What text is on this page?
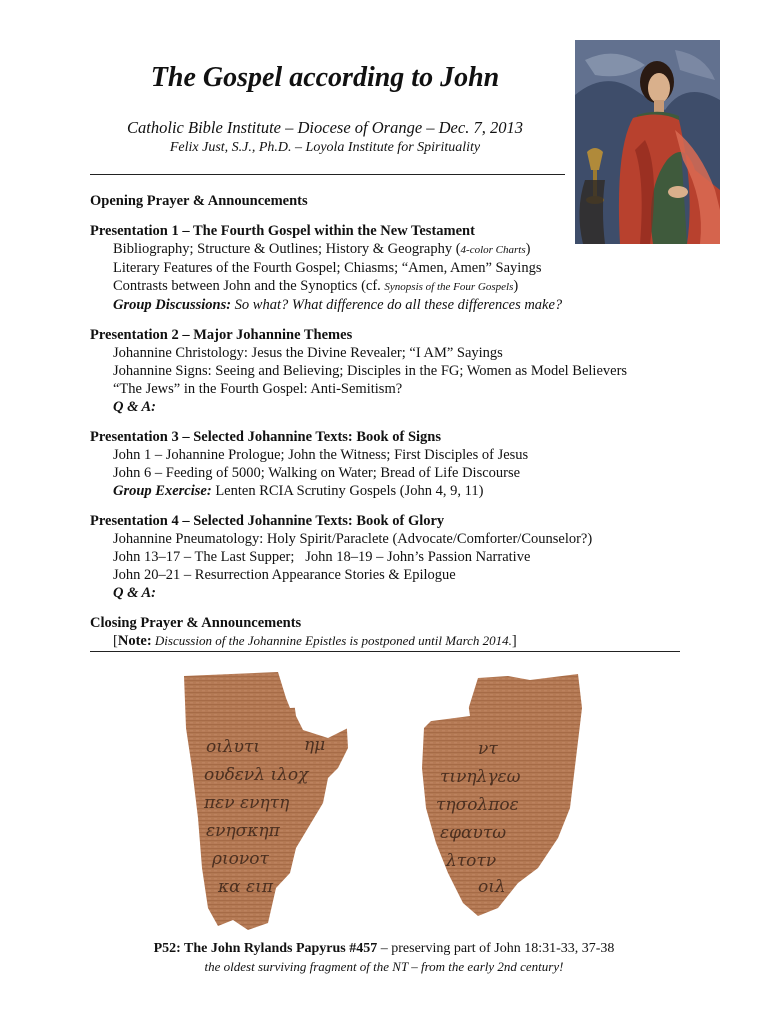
The Gospel according to John
Catholic Bible Institute – Diocese of Orange – Dec. 7, 2013
Felix Just, S.J., Ph.D. – Loyola Institute for Spirituality
Opening Prayer & Announcements
Presentation 1 – The Fourth Gospel within the New Testament
Bibliography; Structure & Outlines; History & Geography (4-color Charts)
Literary Features of the Fourth Gospel; Chiasms; “Amen, Amen” Sayings
Contrasts between John and the Synoptics (cf. Synopsis of the Four Gospels)
Group Discussions: So what? What difference do all these differences make?
Presentation 2 – Major Johannine Themes
Johannine Christology: Jesus the Divine Revealer; “I AM” Sayings
Johannine Signs: Seeing and Believing; Disciples in the FG; Women as Model Believers
“The Jews” in the Fourth Gospel: Anti-Semitism?
Q & A:
Presentation 3 – Selected Johannine Texts: Book of Signs
John 1 – Johannine Prologue; John the Witness; First Disciples of Jesus
John 6 – Feeding of 5000; Walking on Water; Bread of Life Discourse
Group Exercise: Lenten RCIA Scrutiny Gospels (John 4, 9, 11)
Presentation 4 – Selected Johannine Texts: Book of Glory
Johannine Pneumatology: Holy Spirit/Paraclete (Advocate/Comforter/Counselor?)
John 13–17 – The Last Supper;   John 18–19 – John’s Passion Narrative
John 20–21 – Resurrection Appearance Stories & Epilogue
Q & A:
Closing Prayer & Announcements
[Note: Discussion of the Johannine Epistles is postponed until March 2014.]
οιλυτι	ημ
ουδενλ ιλοχ
πεν ενητη
ενησκηπ
ριονοτ
κα ειπ
ντ
τινηλγεω
τησολποε
εφαυτω
λτοτν
οιλ
P52: The John Rylands Papyrus #457 – preserving part of John 18:31-33, 37-38
the oldest surviving fragment of the NT – from the early 2nd century!
